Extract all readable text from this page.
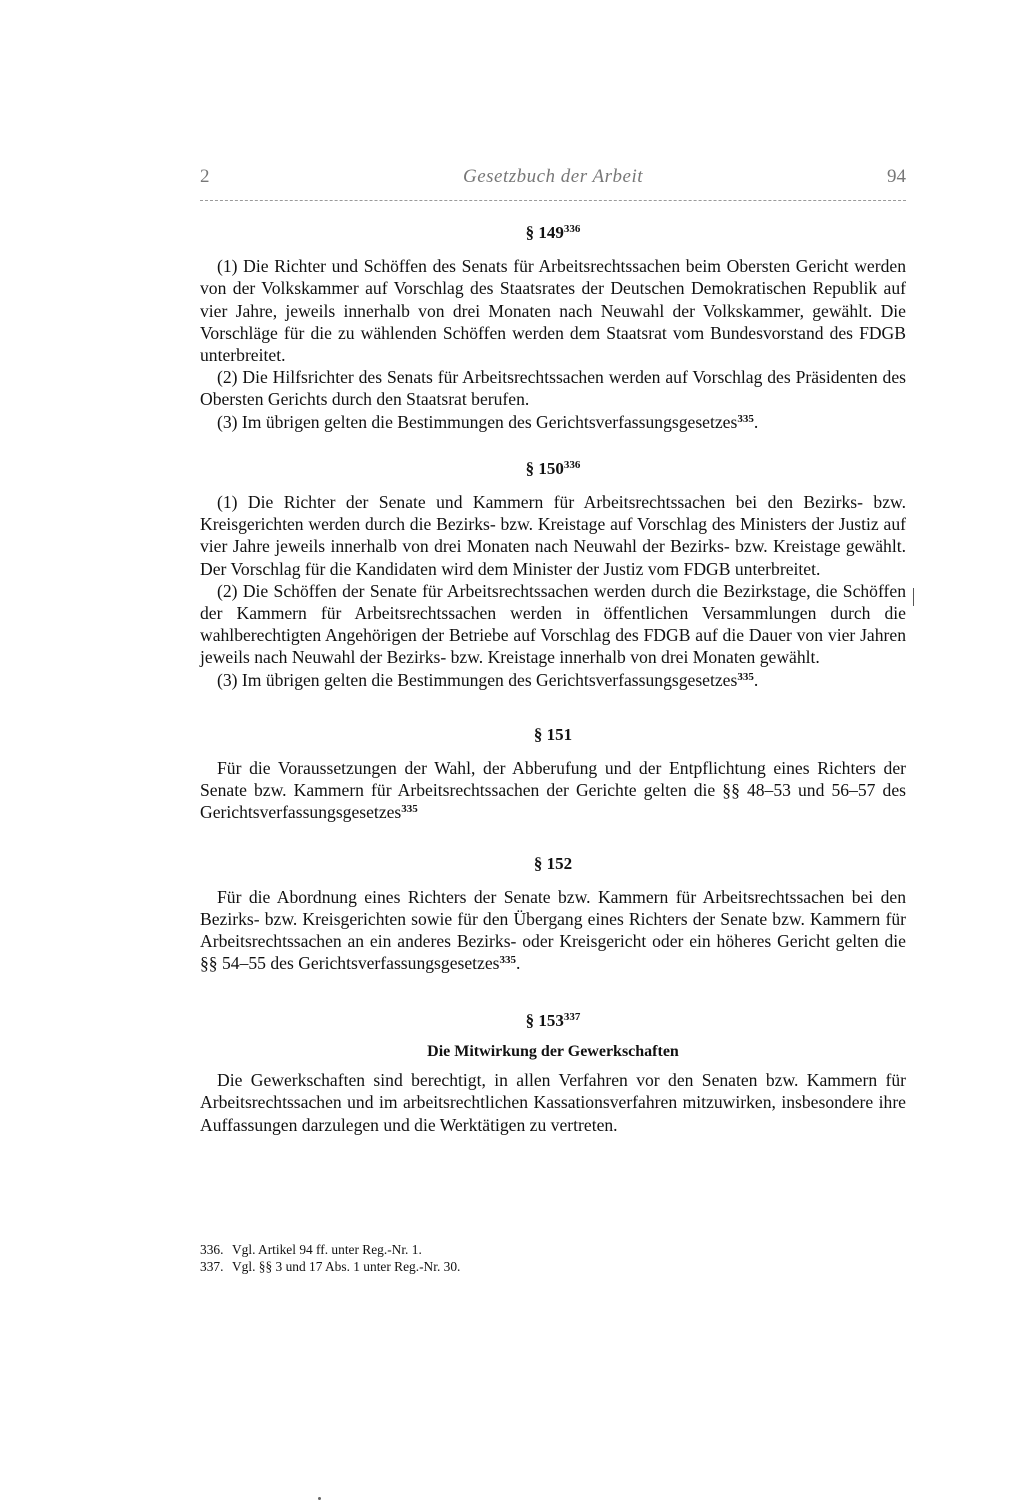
2	Gesetzbuch der Arbeit	94

§ $149^{336}$

(1) Die Richter und Schöffen des Senats für Arbeitsrechtssachen beim Obersten Gericht werden von der Volkskammer auf Vorschlag des Staatsrates der Deutschen Demokratischen Republik auf vier Jahre, jeweils innerhalb von drei Monaten nach Neuwahl der Volkskammer, gewählt. Die Vorschläge für die zu wählenden Schöffen werden dem Staatsrat vom Bundesvorstand des FDGB unterbreitet.

(2) Die Hilfsrichter des Senats für Arbeitsrechtssachen werden auf Vorschlag des Präsidenten des Obersten Gerichts durch den Staatsrat berufen.

(3) Im übrigen gelten die Bestimmungen des Gerichtsverfassungsgesetzes$^{335}$.

§ $150^{336}$

(1) Die Richter der Senate und Kammern für Arbeitsrechtssachen bei den Bezirks- bzw. Kreisgerichten werden durch die Bezirks- bzw. Kreistage auf Vorschlag des Ministers der Justiz auf vier Jahre jeweils innerhalb von drei Monaten nach Neuwahl der Bezirks- bzw. Kreistage gewählt. Der Vorschlag für die Kandidaten wird dem Minister der Justiz vom FDGB unterbreitet.

(2) Die Schöffen der Senate für Arbeitsrechtssachen werden durch die Bezirkstage, die Schöffen der Kammern für Arbeitsrechtssachen werden in öffentlichen Versammlungen durch die wahlberechtigten Angehörigen der Betriebe auf Vorschlag des FDGB auf die Dauer von vier Jahren jeweils nach Neuwahl der Bezirks- bzw. Kreistage innerhalb von drei Monaten gewählt.

(3) Im übrigen gelten die Bestimmungen des Gerichtsverfassungsgesetzes$^{335}$.

§ 151

Für die Voraussetzungen der Wahl, der Abberufung und der Entpflichtung eines Richters der Senate bzw. Kammern für Arbeitsrechtssachen der Gerichte gelten die §§ 48–53 und 56–57 des Gerichtsverfassungsgesetzes$^{335}$

§ 152

Für die Abordnung eines Richters der Senate bzw. Kammern für Arbeitsrechtssachen bei den Bezirks- bzw. Kreisgerichten sowie für den Übergang eines Richters der Senate bzw. Kammern für Arbeitsrechtssachen an ein anderes Bezirks- oder Kreisgericht oder ein höheres Gericht gelten die §§ 54–55 des Gerichtsverfassungsgesetzes$^{335}$.

§ $153^{337}$

Die Mitwirkung der Gewerkschaften

Die Gewerkschaften sind berechtigt, in allen Verfahren vor den Senaten bzw. Kammern für Arbeitsrechtssachen und im arbeitsrechtlichen Kassationsverfahren mitzuwirken, insbesondere ihre Auffassungen darzulegen und die Werktätigen zu vertreten.

336. Vgl. Artikel 94 ff. unter Reg.-Nr. 1.

337. Vgl. §§ 3 und 17 Abs. 1 unter Reg.-Nr. 30.
